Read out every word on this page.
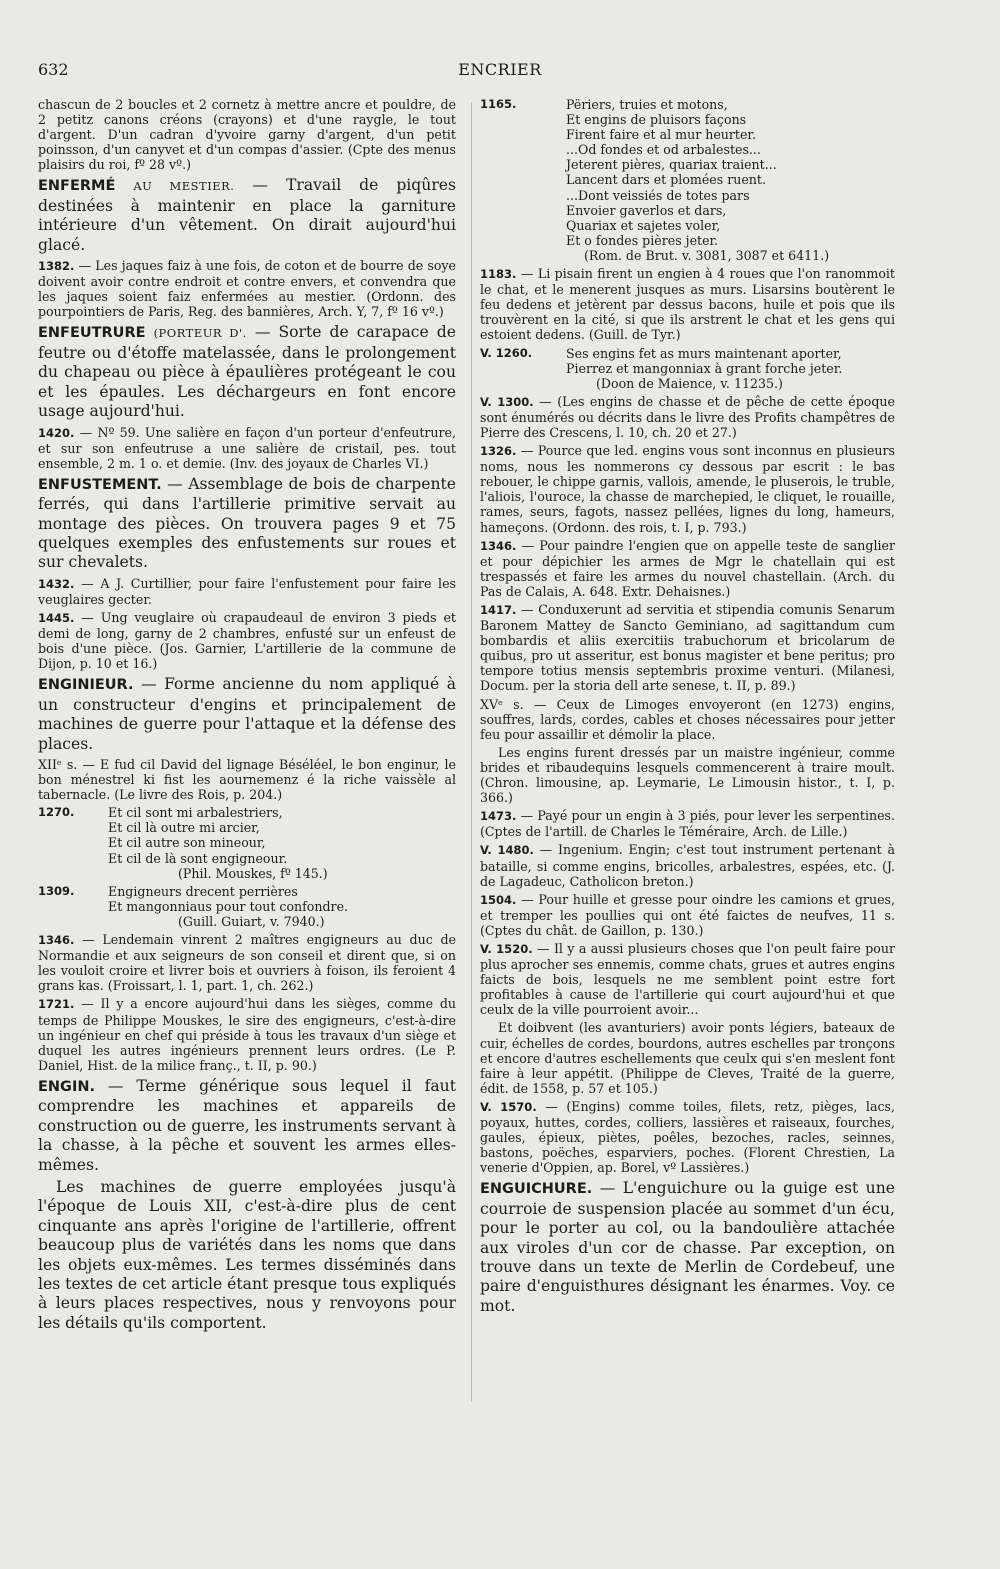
ENCRIER
632

chascun de 2 boucles et 2 cornetz à mettre ancre et pouldre, de 2 petitz canons créons (crayons) et d'une raygle, le tout d'argent. D'un cadran d'yvoire garny d'argent, d'un petit poinsson, d'un canyvet et d'un compas d'assier. (Cpte des menus plaisirs du roi, fº 28 vº.)

ENFERMÉ AU MESTIER. — Travail de piqûres destinées à maintenir en place la garniture intérieure d'un vêtement. On dirait aujourd'hui glacé.

1382. — Les jaques faiz à une fois, de coton et de bourre de soye doivent avoir contre endroit et contre envers, et convendra que les jaques soient faiz enfermées au mestier. (Ordonn. des pourpointiers de Paris, Reg. des bannières, Arch. Y, 7, fº 16 vº.)

ENFEUTRURE (PORTEUR D'. — Sorte de carapace de feutre ou d'étoffe matelassée, dans le prolongement du chapeau ou pièce à épaulières protégeant le cou et les épaules. Les déchargeurs en font encore usage aujourd'hui.

1420. — Nº 59. Une salière en façon d'un porteur d'enfeutrure, et sur son enfeutruse a une salière de cristail, pes. tout ensemble, 2 m. 1 o. et demie. (Inv. des joyaux de Charles VI.)

ENFUSTEMENT. — Assemblage de bois de charpente ferrés, qui dans l'artillerie primitive servait au montage des pièces. On trouvera pages 9 et 75 quelques exemples des enfustements sur roues et sur chevalets.

1432. — A J. Curtillier, pour faire l'enfustement pour faire les veuglaires gecter.

1445. — Ung veuglaire où crapaudeaul de environ 3 pieds et demi de long, garny de 2 chambres, enfusté sur un enfeust de bois d'une pièce. (Jos. Garnier, L'artillerie de la commune de Dijon, p. 10 et 16.)

ENGINIEUR. — Forme ancienne du nom appliqué à un constructeur d'engins et principalement de machines de guerre pour l'attaque et la défense des places.

XIIᵉ s. — E fud cil David del lignage Béséléel, le bon enginur, le bon ménestrel ki fist les aournemenz é la riche vaissèle al tabernacle. (Le livre des Rois, p. 204.)

1270.	Et cil sont mi arbalestriers,
Et cil là outre mi arcier,
Et cil autre son mineour,
Et cil de là sont engigneour.
(Phil. Mouskes, fº 145.)
1309.	Engigneurs drecent perrières
Et mangonniaus pour tout confondre.
(Guill. Guiart, v. 7940.)

1346. — Lendemain vinrent 2 maîtres engigneurs au duc de Normandie et aux seigneurs de son conseil et dirent que, si on les vouloit croire et livrer bois et ouvriers à foison, ils feroient 4 grans kas. (Froissart, l. 1, part. 1, ch. 262.)

1721. — Il y a encore aujourd'hui dans les sièges, comme du temps de Philippe Mouskes, le sire des engigneurs, c'est-à-dire un ingénieur en chef qui préside à tous les travaux d'un siège et duquel les autres ingénieurs prennent leurs ordres. (Le P. Daniel, Hist. de la milice franç., t. II, p. 90.)

ENGIN. — Terme générique sous lequel il faut comprendre les machines et appareils de construction ou de guerre, les instruments servant à la chasse, à la pêche et souvent les armes elles-mêmes.

Les machines de guerre employées jusqu'à l'époque de Louis XII, c'est-à-dire plus de cent cinquante ans après l'origine de l'artillerie, offrent beaucoup plus de variétés dans les noms que dans les objets eux-mêmes. Les termes disséminés dans les textes de cet article étant presque tous expliqués à leurs places respectives, nous y renvoyons pour les détails qu'ils comportent.

1165.	Përiers, truies et motons,
Et engins de pluisors façons
Firent faire et al mur heurter.
...Od fondes et od arbalestes...
Jeterent pières, quariax traient...
Lancent dars et plomées ruent.
...Dont veissiés de totes pars
Envoier gaverlos et dars,
Quariax et sajetes voler,
Et o fondes pières jeter.
(Rom. de Brut. v. 3081, 3087 et 6411.)

1183. — Li pisain firent un engien à 4 roues que l'on ranommoit le chat, et le menerent jusques as murs. Lisarsins boutèrent le feu dedens et jetèrent par dessus bacons, huile et pois que ils trouvèrent en la cité, si que ils arstrent le chat et les gens qui estoient dedens. (Guill. de Tyr.)

V. 1260.	Ses engins fet as murs maintenant aporter,
Pierrez et mangonniax à grant forche jeter.
(Doon de Maience, v. 11235.)

V. 1300. — (Les engins de chasse et de pêche de cette époque sont énumérés ou décrits dans le livre des Profits champêtres de Pierre des Crescens, l. 10, ch. 20 et 27.)

1326. — Pource que led. engins vous sont inconnus en plusieurs noms, nous les nommerons cy dessous par escrit : le bas rebouer, le chippe garnis, vallois, amende, le pluserois, le truble, l'aliois, l'ouroce, la chasse de marchepied, le cliquet, le rouaille, rames, seurs, fagots, nassez pellées, lignes du long, hameurs, hameçons. (Ordonn. des rois, t. I, p. 793.)

1346. — Pour paindre l'engien que on appelle teste de sanglier et pour dépichier les armes de Mgr le chatellain qui est trespassés et faire les armes du nouvel chastellain. (Arch. du Pas de Calais, A. 648. Extr. Dehaisnes.)

1417. — Conduxerunt ad servitia et stipendia comunis Senarum Baronem Mattey de Sancto Geminiano, ad sagittandum cum bombardis et aliis exercitiis trabuchorum et bricolarum de quibus, pro ut asseritur, est bonus magister et bene peritus; pro tempore totius mensis septembris proxime venturi. (Milanesi, Docum. per la storia dell arte senese, t. II, p. 89.)

XVᵉ s. — Ceux de Limoges envoyeront (en 1273) engins, souffres, lards, cordes, cables et choses nécessaires pour jetter feu pour assaillir et démolir la place.

Les engins furent dressés par un maistre ingénieur, comme brides et ribaudequins lesquels commencerent à traire moult. (Chron. limousine, ap. Leymarie, Le Limousin histor., t. I, p. 366.)

1473. — Payé pour un engin à 3 piés, pour lever les serpentines. (Cptes de l'artill. de Charles le Téméraire, Arch. de Lille.)

V. 1480. — Ingenium. Engin; c'est tout instrument pertenant à bataille, si comme engins, bricolles, arbalestres, espées, etc. (J. de Lagadeuc, Catholicon breton.)

1504. — Pour huille et gresse pour oindre les camions et grues, et tremper les poullies qui ont été faictes de neufves, 11 s. (Cptes du chât. de Gaillon, p. 130.)

V. 1520. — Il y a aussi plusieurs choses que l'on peult faire pour plus aprocher ses ennemis, comme chats, grues et autres engins faicts de bois, lesquels ne me semblent point estre fort profitables à cause de l'artillerie qui court aujourd'hui et que ceulx de la ville pourroient avoir...

Et doibvent (les avanturiers) avoir ponts légiers, bateaux de cuir, échelles de cordes, bourdons, autres eschelles par tronçons et encore d'autres eschellements que ceulx qui s'en meslent font faire à leur appétit. (Philippe de Cleves, Traité de la guerre, édit. de 1558, p. 57 et 105.)

V. 1570. — (Engins) comme toiles, filets, retz, pièges, lacs, poyaux, huttes, cordes, colliers, lassières et raiseaux, fourches, gaules, épieux, piètes, poêles, bezoches, racles, seinnes, bastons, poëches, esparviers, poches. (Florent Chrestien, La venerie d'Oppien, ap. Borel, vº Lassières.)

ENGUICHURE. — L'enguichure ou la guige est une courroie de suspension placée au sommet d'un écu, pour le porter au col, ou la bandoulière attachée aux viroles d'un cor de chasse. Par exception, on trouve dans un texte de Merlin de Cordebeuf, une paire d'enguisthures désignant les énarmes. Voy. ce mot.
